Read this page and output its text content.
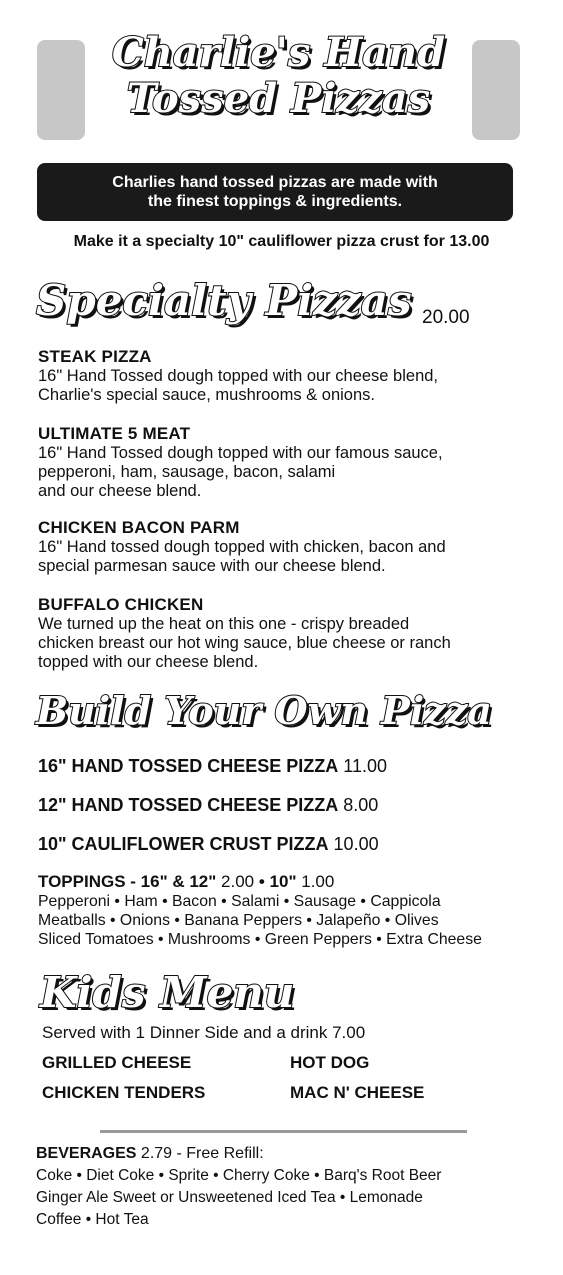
Charlie's Hand
Tossed Pizzas
Charlies hand tossed pizzas are made with
the finest toppings & ingredients.
Make it a specialty 10" cauliflower pizza crust for 13.00
Specialty Pizzas 20.00
STEAK PIZZA
16" Hand Tossed dough topped with our cheese blend,
Charlie's special sauce, mushrooms & onions.
ULTIMATE 5 MEAT
16" Hand Tossed dough topped with our famous sauce,
pepperoni, ham, sausage, bacon, salami
and our cheese blend.
CHICKEN BACON PARM
16" Hand tossed dough topped with chicken, bacon and
special parmesan sauce with our cheese blend.
BUFFALO CHICKEN
We turned up the heat on this one - crispy breaded
chicken breast our hot wing sauce, blue cheese or ranch
topped with our cheese blend.
Build Your Own Pizza
16" HAND TOSSED CHEESE PIZZA 11.00
12" HAND TOSSED CHEESE PIZZA 8.00
10" CAULIFLOWER CRUST PIZZA 10.00
TOPPINGS - 16" & 12" 2.00 • 10" 1.00
Pepperoni • Ham • Bacon • Salami • Sausage • Cappicola
Meatballs • Onions • Banana Peppers • Jalapeño • Olives
Sliced Tomatoes • Mushrooms • Green Peppers • Extra Cheese
Kids Menu
Served with 1 Dinner Side and a drink 7.00
GRILLED CHEESE	HOT DOG
CHICKEN TENDERS	MAC N' CHEESE
BEVERAGES 2.79 - Free Refill:
Coke • Diet Coke • Sprite • Cherry Coke • Barq's Root Beer
Ginger Ale Sweet or Unsweetened Iced Tea • Lemonade
Coffee • Hot Tea
